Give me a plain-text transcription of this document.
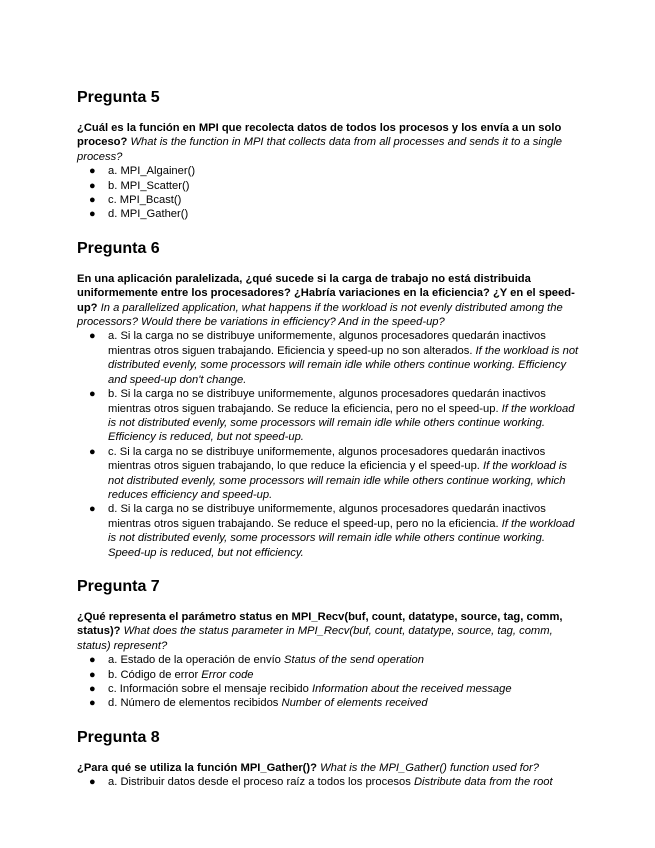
Pregunta 5
¿Cuál es la función en MPI que recolecta datos de todos los procesos y los envía a un solo proceso? What is the function in MPI that collects data from all processes and sends it to a single process?
● a. MPI_Algainer()
● b. MPI_Scatter()
● c. MPI_Bcast()
● d. MPI_Gather()
Pregunta 6
En una aplicación paralelizada, ¿qué sucede si la carga de trabajo no está distribuida uniformemente entre los procesadores? ¿Habría variaciones en la eficiencia? ¿Y en el speed-up? In a parallelized application, what happens if the workload is not evenly distributed among the processors? Would there be variations in efficiency? And in the speed-up?
● a. Si la carga no se distribuye uniformemente, algunos procesadores quedarán inactivos mientras otros siguen trabajando. Eficiencia y speed-up no son alterados. If the workload is not distributed evenly, some processors will remain idle while others continue working. Efficiency and speed-up don't change.
● b. Si la carga no se distribuye uniformemente, algunos procesadores quedarán inactivos mientras otros siguen trabajando. Se reduce la eficiencia, pero no el speed-up. If the workload is not distributed evenly, some processors will remain idle while others continue working. Efficiency is reduced, but not speed-up.
● c. Si la carga no se distribuye uniformemente, algunos procesadores quedarán inactivos mientras otros siguen trabajando, lo que reduce la eficiencia y el speed-up. If the workload is not distributed evenly, some processors will remain idle while others continue working, which reduces efficiency and speed-up.
● d. Si la carga no se distribuye uniformemente, algunos procesadores quedarán inactivos mientras otros siguen trabajando. Se reduce el speed-up, pero no la eficiencia. If the workload is not distributed evenly, some processors will remain idle while others continue working. Speed-up is reduced, but not efficiency.
Pregunta 7
¿Qué representa el parámetro status en MPI_Recv(buf, count, datatype, source, tag, comm, status)? What does the status parameter in MPI_Recv(buf, count, datatype, source, tag, comm, status) represent?
● a. Estado de la operación de envío Status of the send operation
● b. Código de error Error code
● c. Información sobre el mensaje recibido Information about the received message
● d. Número de elementos recibidos Number of elements received
Pregunta 8
¿Para qué se utiliza la función MPI_Gather()? What is the MPI_Gather() function used for?
● a. Distribuir datos desde el proceso raíz a todos los procesos Distribute data from the root
